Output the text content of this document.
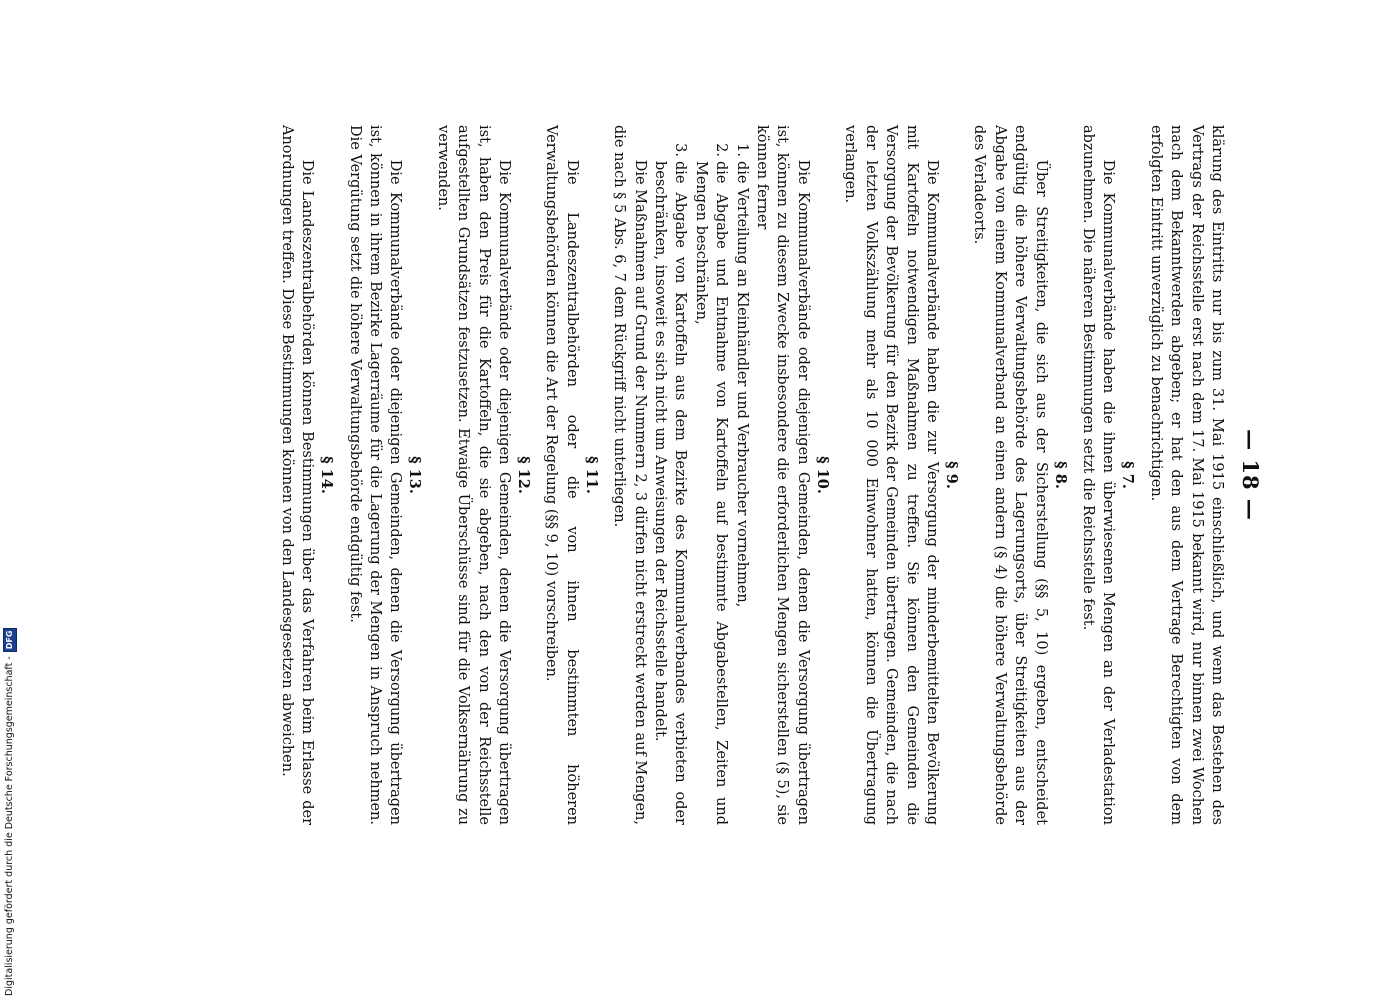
— 18 —

klärung des Eintritts nur bis zum 31. Mai 1915 einschließlich, und wenn das Bestehen des Vertrags der Reichsstelle erst nach dem 17. Mai 1915 bekannt wird, nur binnen zwei Wochen nach dem Bekanntwerden abgeben; er hat den aus dem Vertrage Berechtigten von dem erfolgten Eintritt unverzüglich zu benachrichtigen.

§ 7.

Die Kommunalverbände haben die ihnen überwiesenen Mengen an der Verladestation abzunehmen. Die näheren Bestimmungen setzt die Reichsstelle fest.

§ 8.

Über Streitigkeiten, die sich aus der Sicherstellung (§§ 5, 10) ergeben, entscheidet endgültig die höhere Verwaltungsbehörde des Lagerungsorts, über Streitigkeiten aus der Abgabe von einem Kommunalverband an einen andern (§ 4) die höhere Verwaltungsbehörde des Verladeorts.

§ 9.

Die Kommunalverbände haben die zur Versorgung der minderbemittelten Bevölkerung mit Kartoffeln notwendigen Maßnahmen zu treffen. Sie können den Gemeinden die Versorgung der Bevölkerung für den Bezirk der Gemeinden übertragen. Gemeinden, die nach der letzten Volkszählung mehr als 10 000 Einwohner hatten, können die Übertragung verlangen.

§ 10.

Die Kommunalverbände oder diejenigen Gemeinden, denen die Versorgung übertragen ist, können zu diesem Zwecke insbesondere die erforderlichen Mengen sicherstellen (§ 5), sie können ferner

1.
die Verteilung an Kleinhändler und Verbraucher vornehmen,
2.
die Abgabe und Entnahme von Kartoffeln auf bestimmte Abgabestellen, Zeiten und Mengen beschränken,
3.
die Abgabe von Kartoffeln aus dem Bezirke des Kommunalverbandes verbieten oder beschränken, insoweit es sich nicht um Anweisungen der Reichsstelle handelt.

Die Maßnahmen auf Grund der Nummern 2, 3 dürfen nicht erstreckt werden auf Mengen, die nach § 5 Abs. 6, 7 dem Rückgriff nicht unterliegen.

§ 11.

Die Landeszentralbehörden oder die von ihnen bestimmten höheren Verwaltungsbehörden können die Art der Regelung (§§ 9, 10) vorschreiben.

§ 12.

Die Kommunalverbände oder diejenigen Gemeinden, denen die Versorgung übertragen ist, haben den Preis für die Kartoffeln, die sie abgeben, nach den von der Reichsstelle aufgestellten Grundsätzen festzusetzen. Etwaige Überschüsse sind für die Volksernährung zu verwenden.

§ 13.

Die Kommunalverbände oder diejenigen Gemeinden, denen die Versorgung übertragen ist, können in ihrem Bezirke Lagerräume für die Lagerung der Mengen in Anspruch nehmen. Die Vergütung setzt die höhere Verwaltungsbehörde endgültig fest.

§ 14.

Die Landeszentralbehörden können Bestimmungen über das Verfahren beim Erlasse der Anordnungen treffen. Diese Bestimmungen können von den Landesgesetzen abweichen.

Digitalisierung gefördert durch die Deutsche Forschungsgemeinschaft -
DFG
